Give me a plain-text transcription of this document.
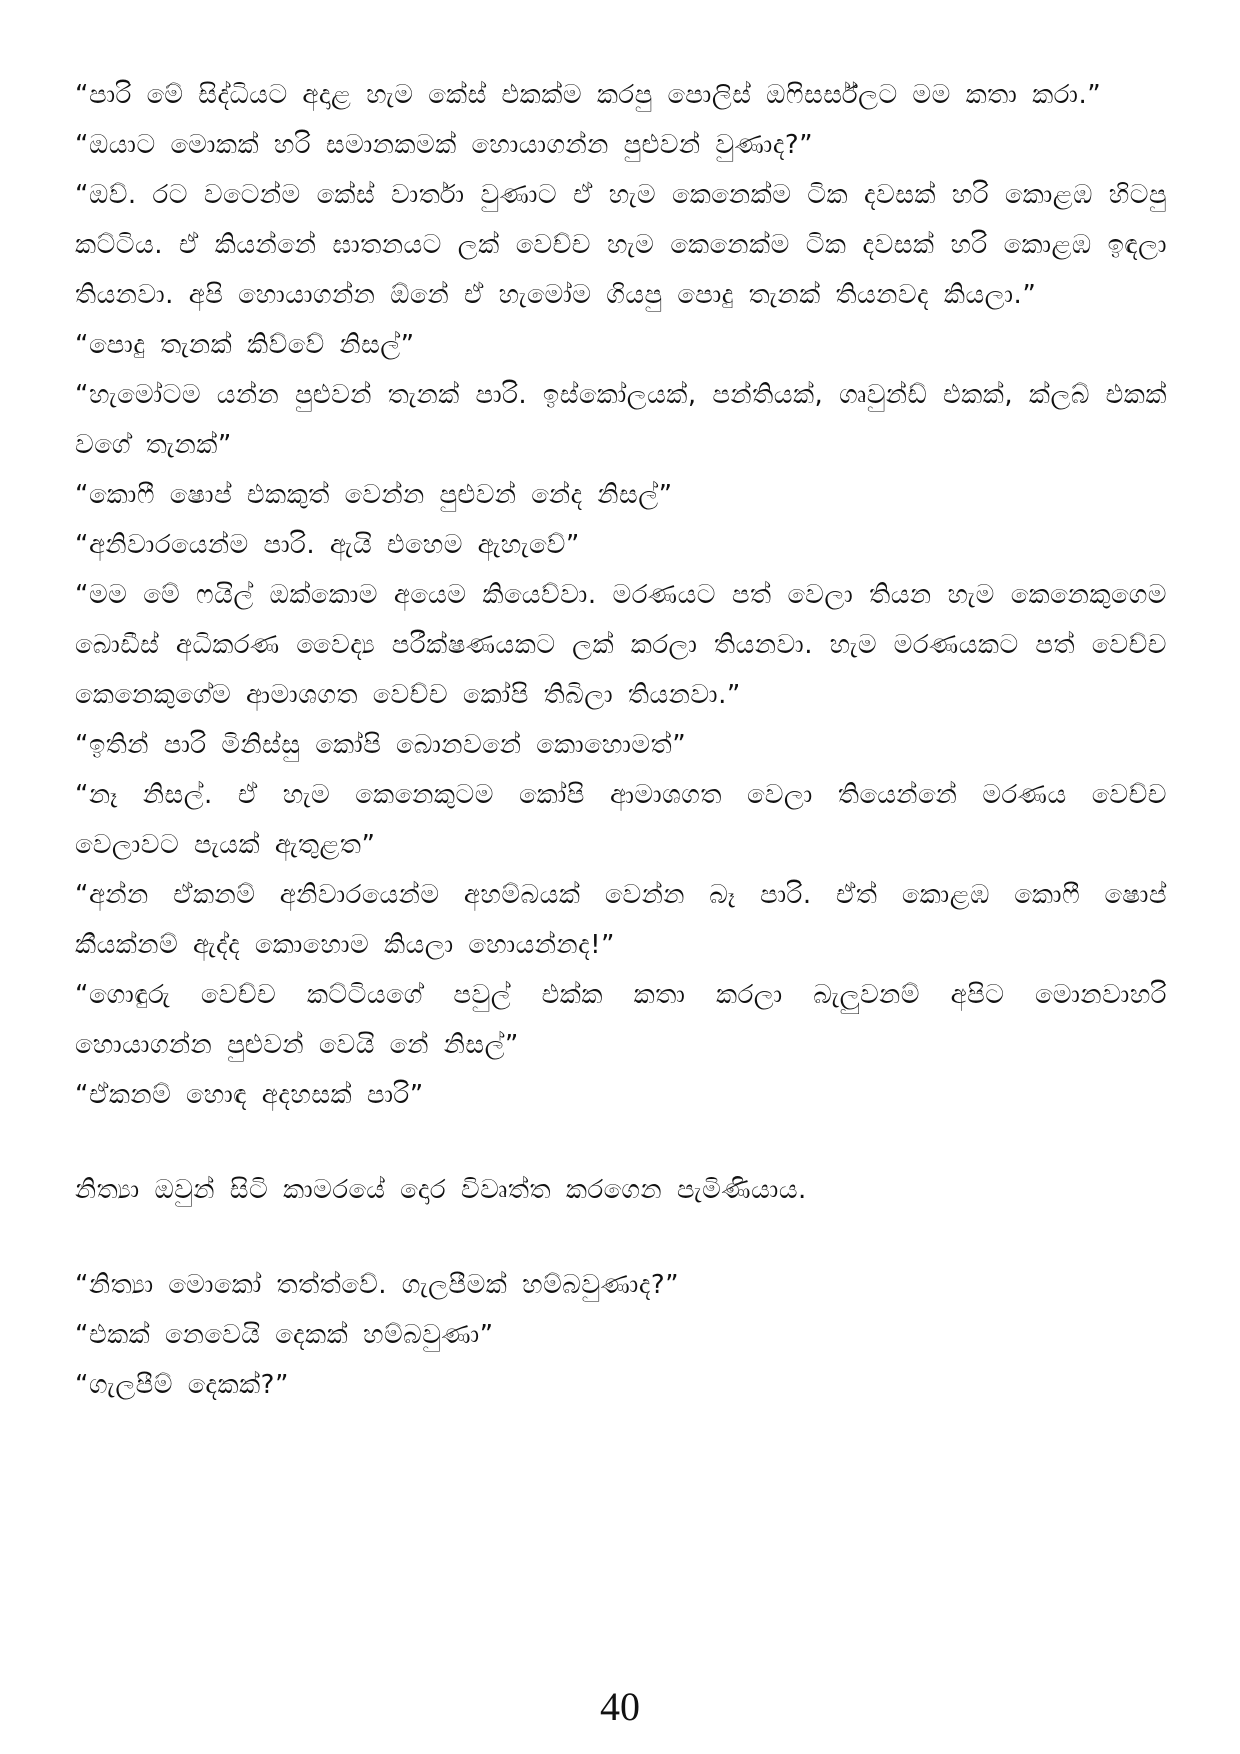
“පාරි මේ සිද්ධියට අදාළ හැම කේස් එකක්ම කරපු පොලිස් ඔෆිසර්ස්ලට මම කතා කරා.”

“ඔයාට මොකක් හරි සමානකමක් හොයාගන්න පුළුවන් වුණාද?”

“ඔව්. රට වටෙන්ම කේස් වාර්තා වුණාට ඒ හැම කෙනෙක්ම ටික දවසක් හරි කොළඹ හිටපු කට්ටිය. ඒ කියන්නේ ඝාතනයට ලක් වෙච්ච හැම කෙනෙක්ම ටික දවසක් හරි කොළඹ ඉඳලා තියනවා. අපි හොයාගන්න ඕනේ ඒ හැමෝම ගියපු පොදු තැනක් තියනවද කියලා.”

“පොදු තැනක් කිව්වේ නිසල්”

“හැමෝටම යන්න පුළුවන් තැනක් පාරි. ඉස්කෝලයක්, පන්තියක්, ග්‍රුවුන්ඩ් එකක්, ක්ලබ් එකක් වගේ තැනක්”

“කොෆී ෂොප් එකකුත් වෙන්න පුළුවන් නේද නිසල්”

“අනිවාරයෙන්ම පාරි. ඇයි එහෙම ඇහැවේ”

“මම මේ ෆයිල් ඔක්කොම අයෙම කියෙව්වා. මරණයට පත් වෙලා තියන හැම කෙනෙකුගෙම බොඩීස් අධිකරණ වෛද්‍ය පරීක්ෂණයකට ලක් කරලා තියනවා. හැම මරණයකට පත් වෙච්ච කෙනෙකුගේම ආමාශගත වෙච්ච කෝපි තිබිලා තියනවා.”

“ඉතින් පාරි මිනිස්සු කෝපි බොනවනේ කොහොමත්”

“නෑ නිසල්. ඒ හැම කෙනෙකුටම කෝපි ආමාශගත වෙලා තියෙන්නේ මරණය වෙච්ච වෙලාවට පැයක් ඇතුළත”

“අන්න ඒකනම් අනිවාරයෙන්ම අහම්බයක් වෙන්න බෑ පාරි. ඒත් කොළඹ කොෆී ෂොප් කීයක්නම් ඇද්ද කොහොම කියලා හොයන්නද!”

“ගොඳුරු වෙච්ච කට්ටියගේ පවුල් එක්ක කතා කරලා බැලුවනම් අපිට මොනවාහරි හොයාගන්න පුළුවන් වෙයි නේ නිසල්”

“ඒකනම් හොඳ අදහසක් පාරි”

නිත්‍යා ඔවුන් සිටි කාමරයේ දොර විවෘත්ත කරගෙන පැමිණියාය.

“නිත්‍යා මොකෝ තත්ත්වේ. ගැලපීමක් හම්බවුණාද?”

“එකක් නෙවෙයි දෙකක් හම්බවුණා”

“ගැලපීම් දෙකක්?”

40
